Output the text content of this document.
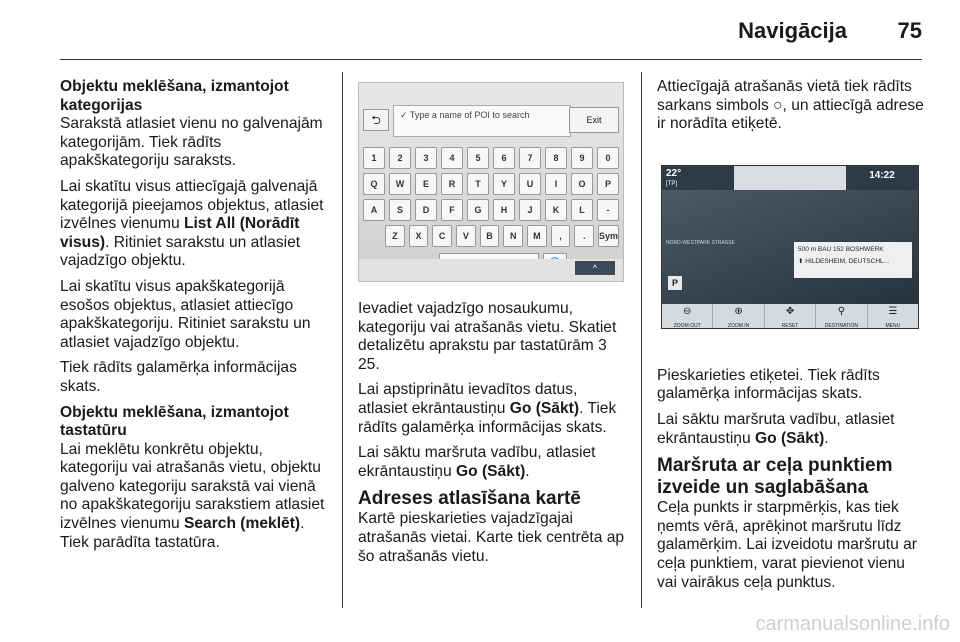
Navigācija 75

Objektu meklēšana, izmantojot kategorijas

Sarakstā atlasiet vienu no galvenajām kategorijām. Tiek rādīts apakškategoriju saraksts.

Lai skatītu visus attiecīgajā galvenajā kategorijā pieejamos objektus, atlasiet izvēlnes vienumu List All (Norādīt visus). Ritiniet sarakstu un atlasiet vajadzīgo objektu.

Lai skatītu visus apakškategorijā esošos objektus, atlasiet attiecīgo apakškategoriju. Ritiniet sarakstu un atlasiet vajadzīgo objektu.

Tiek rādīts galamērķa informācijas skats.

Objektu meklēšana, izmantojot tastatūru

Lai meklētu konkrētu objektu, kategoriju vai atrašanās vietu, objektu galveno kategoriju sarakstā vai vienā no apakškategoriju sarakstiem atlasiet izvēlnes vienumu Search (meklēt). Tiek parādīta tastatūra.

⮌	✓ Type a name of POI to search	Exit
1	2	3	4	5	6	7	8	9	0
Q	W	E	R	T	Y	U	I	O	P
A	S	D	F	G	H	J	K	L	-
Z	X	C	V	B	N	M	,	.	Sym
^

Ievadiet vajadzīgo nosaukumu, kategoriju vai atrašanās vietu. Skatiet detalizētu aprakstu par tastatūrām 3 25.

Lai apstiprinātu ievadītos datus, atlasiet ekrāntaustiņu Go (Sākt). Tiek rādīts galamērķa informācijas skats.

Lai sāktu maršruta vadību, atlasiet ekrāntaustiņu Go (Sākt).

Adreses atlasīšana kartē

Kartē pieskarieties vajadzīgajai atrašanās vietai. Karte tiek centrēta ap šo atrašanās vietu.

Attiecīgajā atrašanās vietā tiek rādīts sarkans simbols ○, un attiecīgā adrese ir norādīta etiķetē.

22°
[TP]
14:22
NORD-WESTPARK STRASSE
500 m BAU 152 BOSHWERK
⬆ HILDESHEIM, DEUTSCHL...
P
⊖
ZOOM OUT
⊕
ZOOM IN
✥
RESET
⚲
DESTINATION
☰
MENU

Pieskarieties etiķetei. Tiek rādīts galamērķa informācijas skats.

Lai sāktu maršruta vadību, atlasiet ekrāntaustiņu Go (Sākt).

Maršruta ar ceļa punktiem izveide un saglabāšana

Ceļa punkts ir starpmērķis, kas tiek ņemts vērā, aprēķinot maršrutu līdz galamērķim. Lai izveidotu maršrutu ar ceļa punktiem, varat pievienot vienu vai vairākus ceļa punktus.

carmanualsonline.info
